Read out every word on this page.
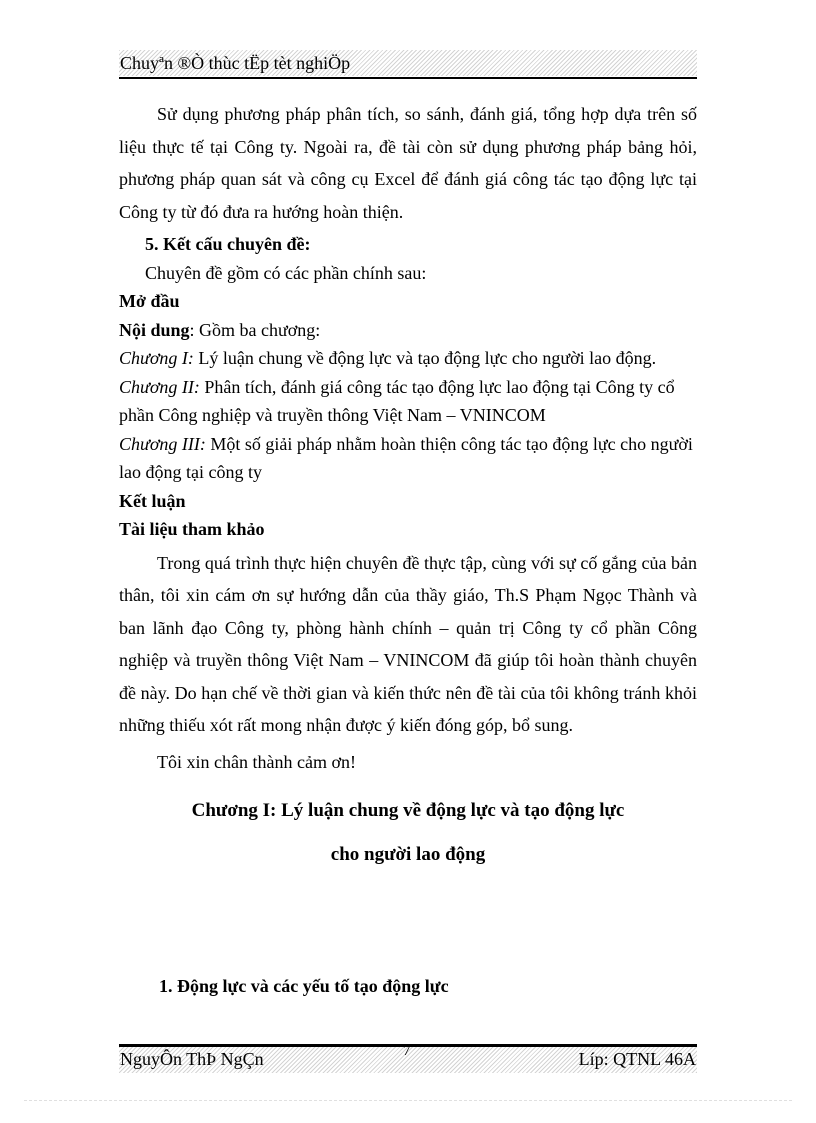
Chuyªn ®Ò thùc tËp tèt nghiÖp

Sử dụng phương pháp phân tích, so sánh, đánh giá, tổng hợp dựa trên số liệu thực tế tại Công ty. Ngoài ra, đề tài còn sử dụng phương pháp bảng hỏi, phương pháp quan sát và công cụ Excel để đánh giá công tác tạo động lực tại Công ty từ đó đưa ra hướng hoàn thiện.

5. Kết cấu chuyên đề:

Chuyên đề gồm có các phần chính sau:

Mở đầu

Nội dung: Gồm ba chương:

Chương I: Lý luận chung về động lực và tạo động lực cho người lao động.

Chương II: Phân tích, đánh giá công tác tạo động lực lao động tại Công ty cổ phần Công nghiệp và truyền thông Việt Nam – VNINCOM

Chương III: Một số giải pháp nhằm hoàn thiện công tác tạo động lực cho người lao động tại công ty

Kết luận

Tài liệu tham khảo

Trong quá trình thực hiện chuyên đề thực tập, cùng với sự cố gắng của bản thân, tôi xin cám ơn sự hướng dẫn của thầy giáo, Th.S Phạm Ngọc Thành và ban lãnh đạo Công ty, phòng hành chính – quản trị Công ty cổ phần Công nghiệp và truyền thông Việt Nam – VNINCOM đã giúp tôi hoàn thành chuyên đề này. Do hạn chế về thời gian và kiến thức nên đề tài của tôi không tránh khỏi những thiếu xót rất mong nhận được ý kiến đóng góp, bổ sung.

Tôi xin chân thành cảm ơn!

Chương I: Lý luận chung về động lực và tạo động lực

cho người lao động

1. Động lực và các yếu tố tạo động lực
NguyÔn ThÞ NgÇn	7	Líp: QTNL 46A
